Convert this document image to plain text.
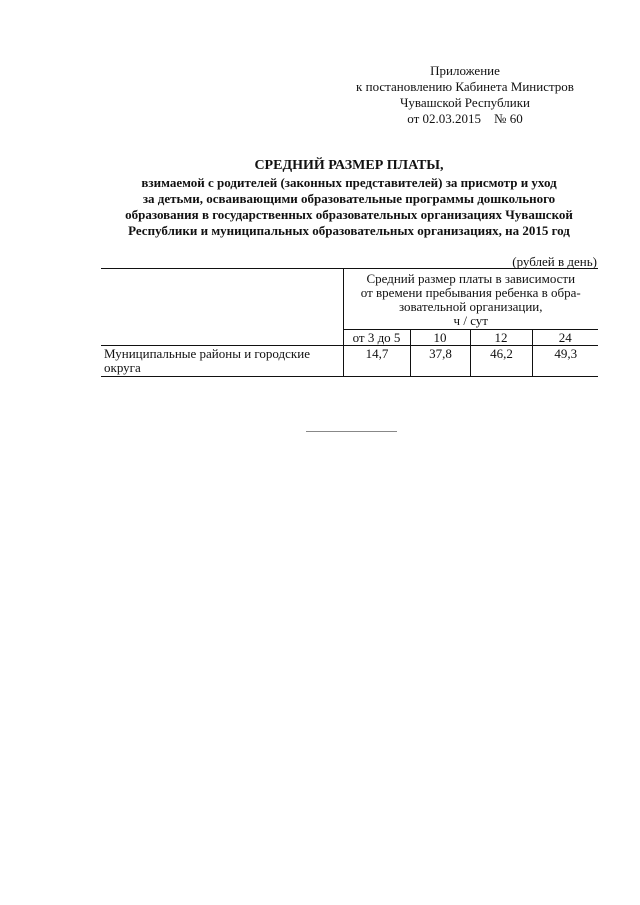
Приложение
к постановлению Кабинета Министров
Чувашской Республики
от 02.03.2015    № 60
СРЕДНИЙ РАЗМЕР ПЛАТЫ,
взимаемой с родителей (законных представителей) за присмотр и уход
за детьми, осваивающими образовательные программы дошкольного
образования в государственных образовательных организациях Чувашской
Республики и муниципальных образовательных организациях, на 2015 год
(рублей в день)

	Средний размер платы в зависимости
от времени пребывания ребенка в обра-
зовательной организации,
ч / сут			

	от 3 до 5	10	12	24
Муниципальные районы и городские округа	14,7	37,8	46,2	49,3
